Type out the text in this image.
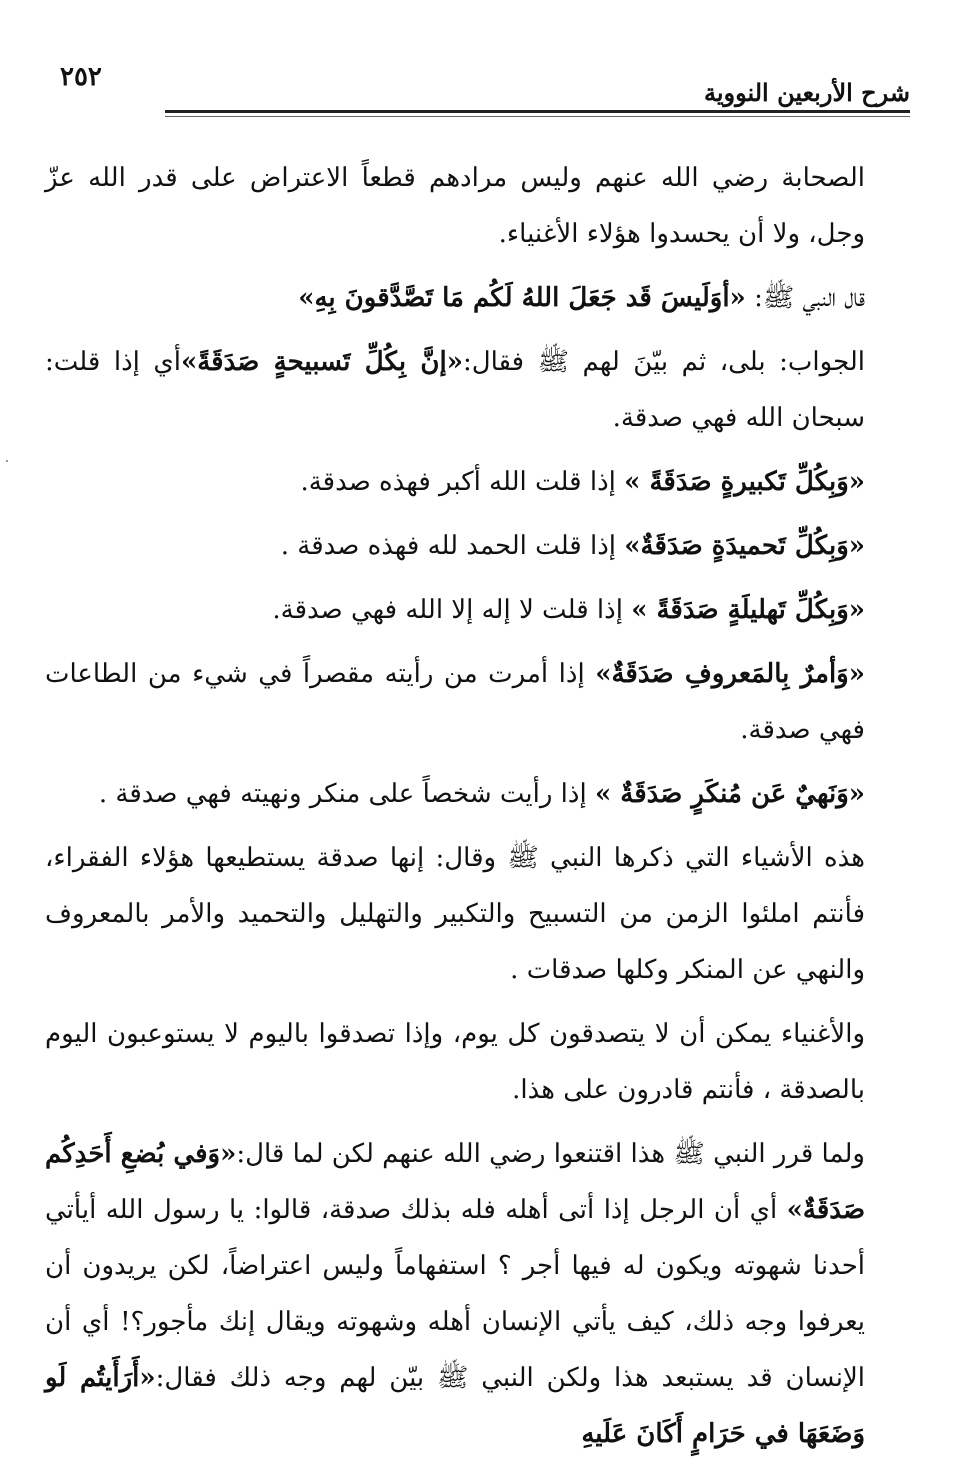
شرح الأربعين النووية
٢٥٢

الصحابة رضي الله عنهم وليس مرادهم قطعاً الاعتراض على قدر الله عزّ وجل، ولا أن يحسدوا هؤلاء الأغنياء.

قال النبي ﷺ: «أوَلَيسَ قَد جَعَلَ اللهُ لَكُم مَا تَصَّدَّقونَ بِهِ»

الجواب: بلى، ثم بيّنَ لهم ﷺ فقال:«إنَّ بِكُلِّ تَسبيحةٍ صَدَقَةً»أي إذا قلت: سبحان الله فهي صدقة.

«وَبِكُلِّ تَكبيرةٍ صَدَقَةً » إذا قلت الله أكبر فهذه صدقة.

«وَبِكُلِّ تَحميدَةٍ صَدَقَةٌ» إذا قلت الحمد لله فهذه صدقة .

«وَبِكُلِّ تَهليلَةٍ صَدَقَةً » إذا قلت لا إله إلا الله فهي صدقة.

«وَأمرٌ بِالمَعروفِ صَدَقَةٌ» إذا أمرت من رأيته مقصراً في شيء من الطاعات فهي صدقة.

«وَنَهيٌ عَن مُنكَرٍ صَدَقَةٌ » إذا رأيت شخصاً على منكر ونهيته فهي صدقة .

هذه الأشياء التي ذكرها النبي ﷺ وقال: إنها صدقة يستطيعها هؤلاء الفقراء، فأنتم املئوا الزمن من التسبيح والتكبير والتهليل والتحميد والأمر بالمعروف والنهي عن المنكر وكلها صدقات .

والأغنياء يمكن أن لا يتصدقون كل يوم، وإذا تصدقوا باليوم لا يستوعبون اليوم بالصدقة ، فأنتم قادرون على هذا.

ولما قرر النبي ﷺ هذا اقتنعوا رضي الله عنهم لكن لما قال:«وَفي بُضعِ أَحَدِكُم صَدَقَةٌ» أي أن الرجل إذا أتى أهله فله بذلك صدقة، قالوا: يا رسول الله أيأتي أحدنا شهوته ويكون له فيها أجر ؟ استفهاماً وليس اعتراضاً، لكن يريدون أن يعرفوا وجه ذلك، كيف يأتي الإنسان أهله وشهوته ويقال إنك مأجور؟! أي أن الإنسان قد يستبعد هذا ولكن النبي ﷺ بيّن لهم وجه ذلك فقال:«أَرَأَيتُم لَو وَضَعَهَا في حَرَامٍ أَكَانَ عَلَيهِ
